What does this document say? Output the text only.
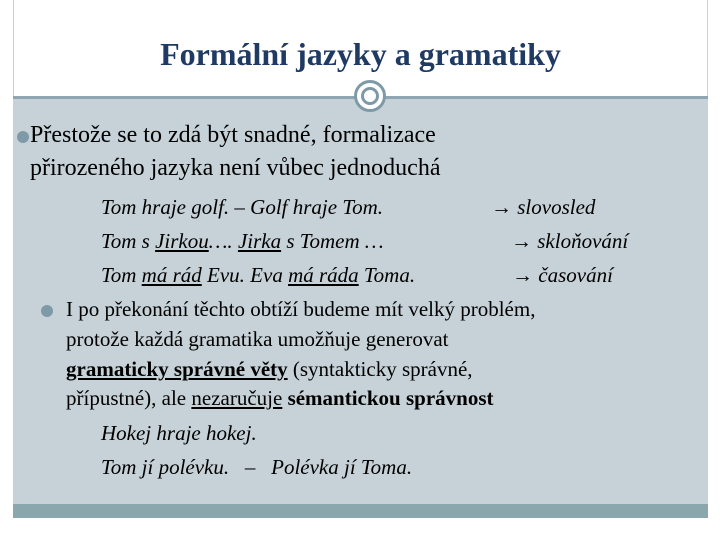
Formální jazyky a gramatiky
Přestože se to zdá být snadné, formalizace
přirozeného jazyka není vůbec jednoduchá
Tom hraje golf. – Golf hraje Tom.	→ slovosled
Tom s Jirkou…. Jirka s Tomem …	→ skloňování
Tom má rád Evu. Eva má ráda Toma.	→ časování
I po překonání těchto obtíží budeme mít velký problém,
protože každá gramatika umožňuje generovat
gramaticky správné věty (syntakticky správné,
přípustné), ale nezaručuje sémantickou správnost
Hokej hraje hokej.
Tom jí polévku.   –   Polévka jí Toma.
